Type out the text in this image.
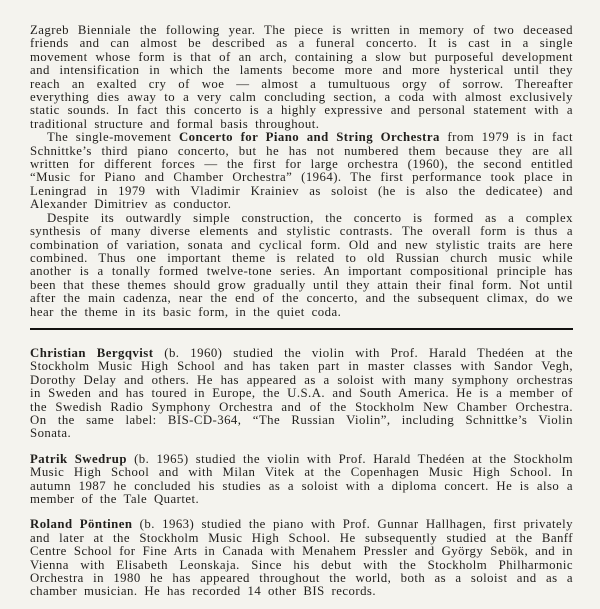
Zagreb Bienniale the following year. The piece is written in memory of two deceased friends and can almost be described as a funeral concerto. It is cast in a single movement whose form is that of an arch, containing a slow but purposeful development and intensification in which the laments become more and more hysterical until they reach an exalted cry of woe — almost a tumultuous orgy of sorrow. Thereafter everything dies away to a very calm concluding section, a coda with almost exclusively static sounds. In fact this concerto is a highly expressive and personal statement with a traditional structure and formal basis throughout.

The single-movement Concerto for Piano and String Orchestra from 1979 is in fact Schnittke’s third piano concerto, but he has not numbered them because they are all written for different forces — the first for large orchestra (1960), the second entitled “Music for Piano and Chamber Orchestra” (1964). The first performance took place in Leningrad in 1979 with Vladimir Krainiev as soloist (he is also the dedicatee) and Alexander Dimitriev as conductor.

Despite its outwardly simple construction, the concerto is formed as a complex synthesis of many diverse elements and stylistic contrasts. The overall form is thus a combination of variation, sonata and cyclical form. Old and new stylistic traits are here combined. Thus one important theme is related to old Russian church music while another is a tonally formed twelve-tone series. An important compositional principle has been that these themes should grow gradually until they attain their final form. Not until after the main cadenza, near the end of the concerto, and the subsequent climax, do we hear the theme in its basic form, in the quiet coda.

Christian Bergqvist (b. 1960) studied the violin with Prof. Harald Thedéen at the Stockholm Music High School and has taken part in master classes with Sandor Vegh, Dorothy Delay and others. He has appeared as a soloist with many symphony orchestras in Sweden and has toured in Europe, the U.S.A. and South America. He is a member of the Swedish Radio Symphony Orchestra and of the Stockholm New Chamber Orchestra. On the same label: BIS-CD-364, “The Russian Violin”, including Schnittke’s Violin Sonata.

Patrik Swedrup (b. 1965) studied the violin with Prof. Harald Thedéen at the Stockholm Music High School and with Milan Vitek at the Copenhagen Music High School. In autumn 1987 he concluded his studies as a soloist with a diploma concert. He is also a member of the Tale Quartet.

Roland Pöntinen (b. 1963) studied the piano with Prof. Gunnar Hallhagen, first privately and later at the Stockholm Music High School. He subsequently studied at the Banff Centre School for Fine Arts in Canada with Menahem Pressler and György Sebök, and in Vienna with Elisabeth Leonskaja. Since his debut with the Stockholm Philharmonic Orchestra in 1980 he has appeared throughout the world, both as a soloist and as a chamber musician. He has recorded 14 other BIS records.
